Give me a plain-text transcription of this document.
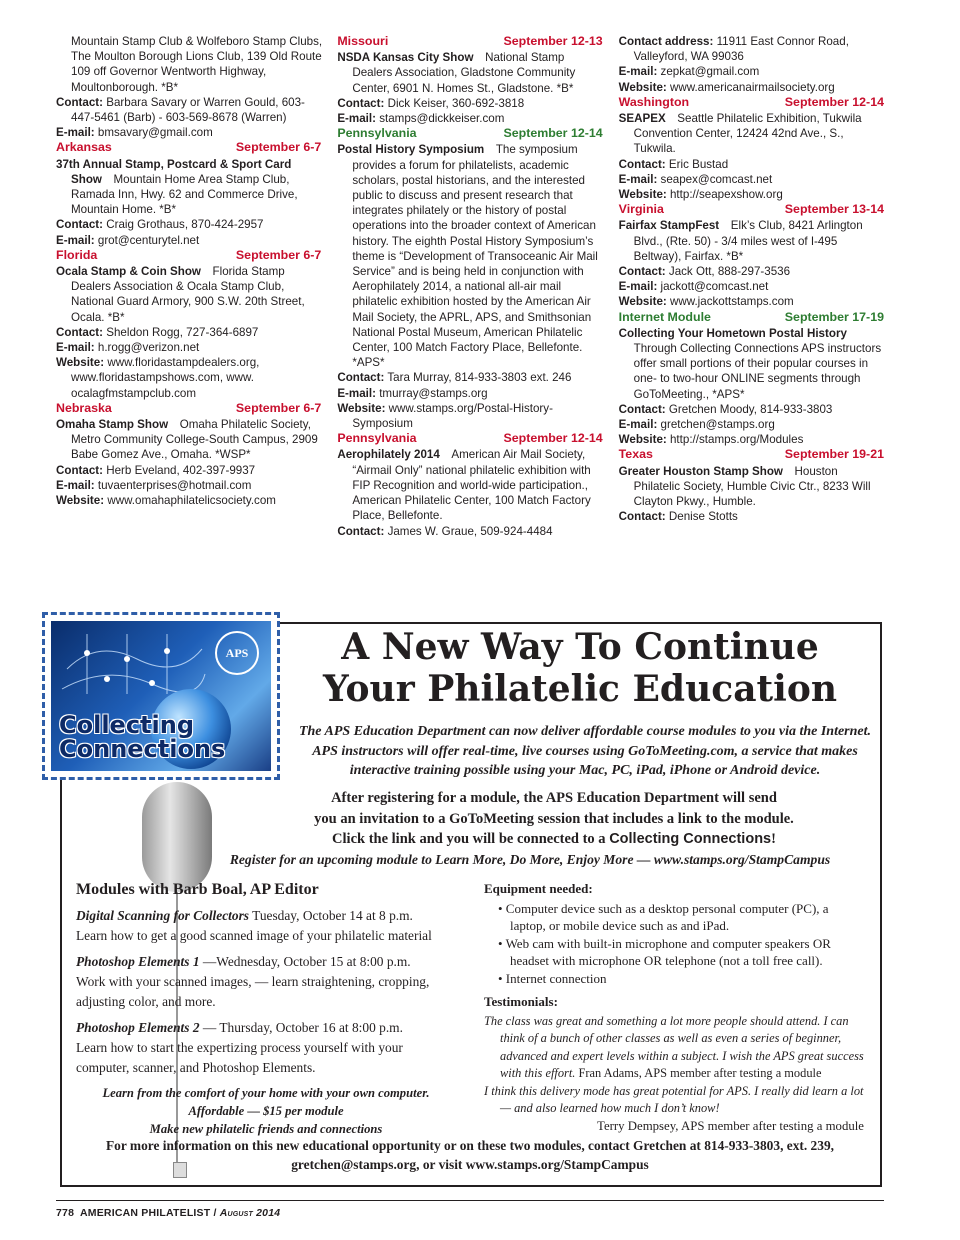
Mountain Stamp Club & Wolfeboro Stamp Clubs, The Moulton Borough Lions Club, 139 Old Route 109 off Governor Wentworth Highway, Moultonborough. *B*
Contact: Barbara Savary or Warren Gould, 603-447-5461 (Barb) - 603-569-8678 (Warren)
E-mail: bmsavary@gmail.com
Arkansas	September 6-7
37th Annual Stamp, Postcard & Sport Card Show Mountain Home Area Stamp Club, Ramada Inn, Hwy. 62 and Commerce Drive, Mountain Home. *B*
Contact: Craig Grothaus, 870-424-2957
E-mail: grot@centurytel.net
Florida	September 6-7
Ocala Stamp & Coin Show Florida Stamp Dealers Association & Ocala Stamp Club, National Guard Armory, 900 S.W. 20th Street, Ocala. *B*
Contact: Sheldon Rogg, 727-364-6897
E-mail: h.rogg@verizon.net
Website: www.floridastampdealers.org, www.floridastampshows.com, www. ocalagfmstampclub.com
Nebraska	September 6-7
Omaha Stamp Show Omaha Philatelic Society, Metro Community College-South Campus, 2909 Babe Gomez Ave., Omaha. *WSP*
Contact: Herb Eveland, 402-397-9937
E-mail: tuvaenterprises@hotmail.com
Website: www.omahaphilatelicsociety.com
Missouri	September 12-13
NSDA Kansas City Show National Stamp Dealers Association, Gladstone Community Center, 6901 N. Homes St., Gladstone. *B*
Contact: Dick Keiser, 360-692-3818
E-mail: stamps@dickkeiser.com
Pennsylvania	September 12-14
Postal History Symposium The symposium provides a forum for philatelists, academic scholars, postal historians, and the interested public to discuss and present research that integrates philately or the history of postal operations into the broader context of American history. The eighth Postal History Symposium’s theme is “Development of Transoceanic Air Mail Service” and is being held in conjunction with Aerophilately 2014, a national all-air mail philatelic exhibition hosted by the American Air Mail Society, the APRL, APS, and Smithsonian National Postal Museum, American Philatelic Center, 100 Match Factory Place, Bellefonte. *APS*
Contact: Tara Murray, 814-933-3803 ext. 246
E-mail: tmurray@stamps.org
Website: www.stamps.org/Postal-History-Symposium
Pennsylvania	September 12-14
Aerophilately 2014 American Air Mail Society, “Airmail Only” national philatelic exhibition with FIP Recognition and world-wide participation., American Philatelic Center, 100 Match Factory Place, Bellefonte.
Contact: James W. Graue, 509-924-4484
Contact address: 11911 East Connor Road, Valleyford, WA 99036
E-mail: zepkat@gmail.com
Website: www.americanairmailsociety.org
Washington	September 12-14
SEAPEX Seattle Philatelic Exhibition, Tukwila Convention Center, 12424 42nd Ave., S., Tukwila.
Contact: Eric Bustad
E-mail: seapex@comcast.net
Website: http://seapexshow.org
Virginia	September 13-14
Fairfax StampFest Elk’s Club, 8421 Arlington Blvd., (Rte. 50) - 3/4 miles west of I-495 Beltway), Fairfax. *B*
Contact: Jack Ott, 888-297-3536
E-mail: jackott@comcast.net
Website: www.jackottstamps.com
Internet Module	September 17-19
Collecting Your Hometown Postal History Through Collecting Connections APS instructors offer small portions of their popular courses in one- to two-hour ONLINE segments through GoToMeeting., *APS*
Contact: Gretchen Moody, 814-933-3803
E-mail: gretchen@stamps.org
Website: http://stamps.org/Modules
Texas	September 19-21
Greater Houston Stamp Show Houston Philatelic Society, Humble Civic Ctr., 8233 Will Clayton Pkwy., Humble.
Contact: Denise Stotts
APS
Collecting
Connections
A New Way To Continue
Your Philatelic Education
The APS Education Department can now deliver affordable course modules to you via the Internet. APS instructors will offer real-time, live courses using GoToMeeting.com, a service that makes interactive training possible using your Mac, PC, iPad, iPhone or Android device.
After registering for a module, the APS Education Department will send
you an invitation to a GoToMeeting session that includes a link to the module.
Click the link and you will be connected to a Collecting Connections!
Register for an upcoming module to Learn More, Do More, Enjoy More — www.stamps.org/StampCampus
Modules with Barb Boal, AP Editor

Digital Scanning for Collectors Tuesday, October 14 at 8 p.m.
Learn how to get a good scanned image of your philatelic material

Photoshop Elements 1 —Wednesday, October 15 at 8:00 p.m.
Work with your scanned images, — learn straightening, cropping, adjusting color, and more.

Photoshop Elements 2 — Thursday, October 16 at 8:00 p.m.
Learn how to start the expertizing process yourself with your computer, scanner, and Photoshop Elements.

Learn from the comfort of your home with your own computer.
Affordable — $15 per module
Make new philatelic friends and connections
Equipment needed:
• Computer device such as a desktop personal computer (PC), a laptop, or mobile device such as and iPad.
• Web cam with built-in microphone and computer speakers OR headset with microphone OR telephone (not a toll free call).
• Internet connection
Testimonials:

The class was great and something a lot more people should attend. I can think of a bunch of other classes as well as even a series of beginner, advanced and expert levels within a subject. I wish the APS great success with this effort. Fran Adams, APS member after testing a module

I think this delivery mode has great potential for APS. I really did learn a lot — and also learned how much I don’t know!

Terry Dempsey, APS member after testing a module
For more information on this new educational opportunity or on these two modules, contact Gretchen at 814-933-3803, ext. 239,
gretchen@stamps.org, or visit www.stamps.org/StampCampus
778 AMERICAN PHILATELIST / August 2014
